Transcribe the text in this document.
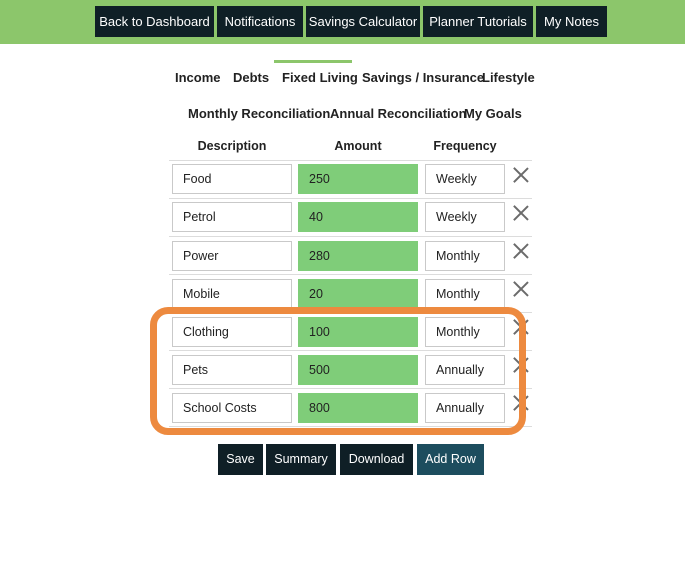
Back to Dashboard	Notifications	Savings Calculator Planner Tutorials	My Notes
Income Debts Fixed Living Savings / Insurance
Lifestyle
Monthly Reconciliation Annual Reconciliation
My Goals
Description	Amount	Frequency
Food	250	Weekly
Petrol	40	Weekly
Power	280	Monthly
Mobile	20	Monthly
Clothing	100	Monthly
Pets	500	Annually
School Costs	800	Annually
Save	Summary	Download	Add Row
